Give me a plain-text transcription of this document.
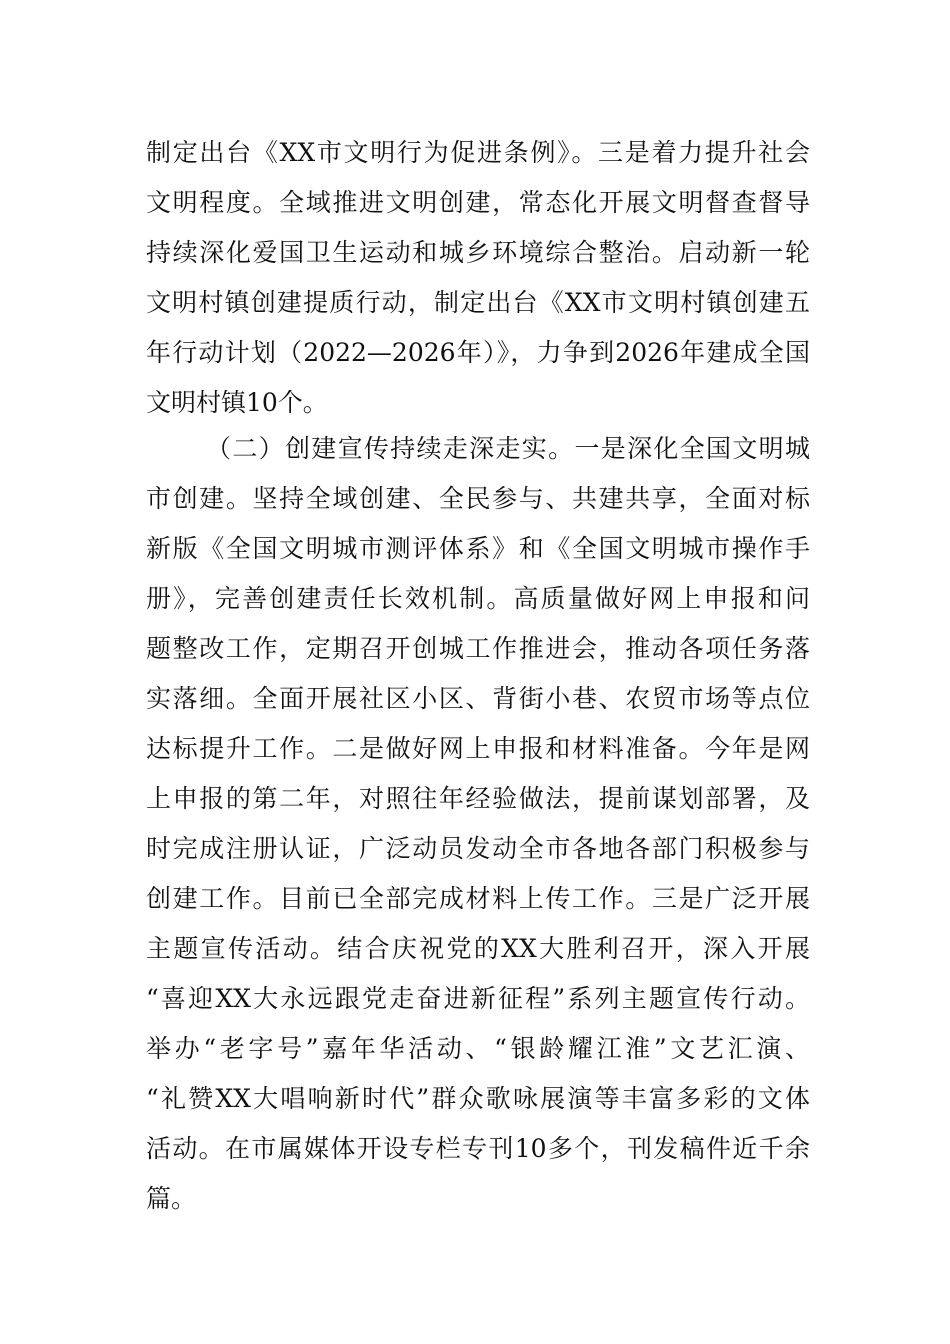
制定出台《XX市文明行为促进条例》。三是着力提升社会
文明程度。全域推进文明创建，常态化开展文明督查督导
持续深化爱国卫生运动和城乡环境综合整治。启动新一轮
文明村镇创建提质行动，制定出台《XX市文明村镇创建五
年行动计划（2022—2026年）》，力争到2026年建成全国
文明村镇10个。
（二）创建宣传持续走深走实。一是深化全国文明城
市创建。坚持全域创建、全民参与、共建共享，全面对标
新版《全国文明城市测评体系》和《全国文明城市操作手
册》，完善创建责任长效机制。高质量做好网上申报和问
题整改工作，定期召开创城工作推进会，推动各项任务落
实落细。全面开展社区小区、背街小巷、农贸市场等点位
达标提升工作。二是做好网上申报和材料准备。今年是网
上申报的第二年，对照往年经验做法，提前谋划部署，及
时完成注册认证，广泛动员发动全市各地各部门积极参与
创建工作。目前已全部完成材料上传工作。三是广泛开展
主题宣传活动。结合庆祝党的XX大胜利召开，深入开展
“喜迎XX大永远跟党走奋进新征程”系列主题宣传行动。
举办“老字号”嘉年华活动、“银龄耀江淮”文艺汇演、
“礼赞XX大唱响新时代”群众歌咏展演等丰富多彩的文体
活动。在市属媒体开设专栏专刊10多个，刊发稿件近千余
篇。
